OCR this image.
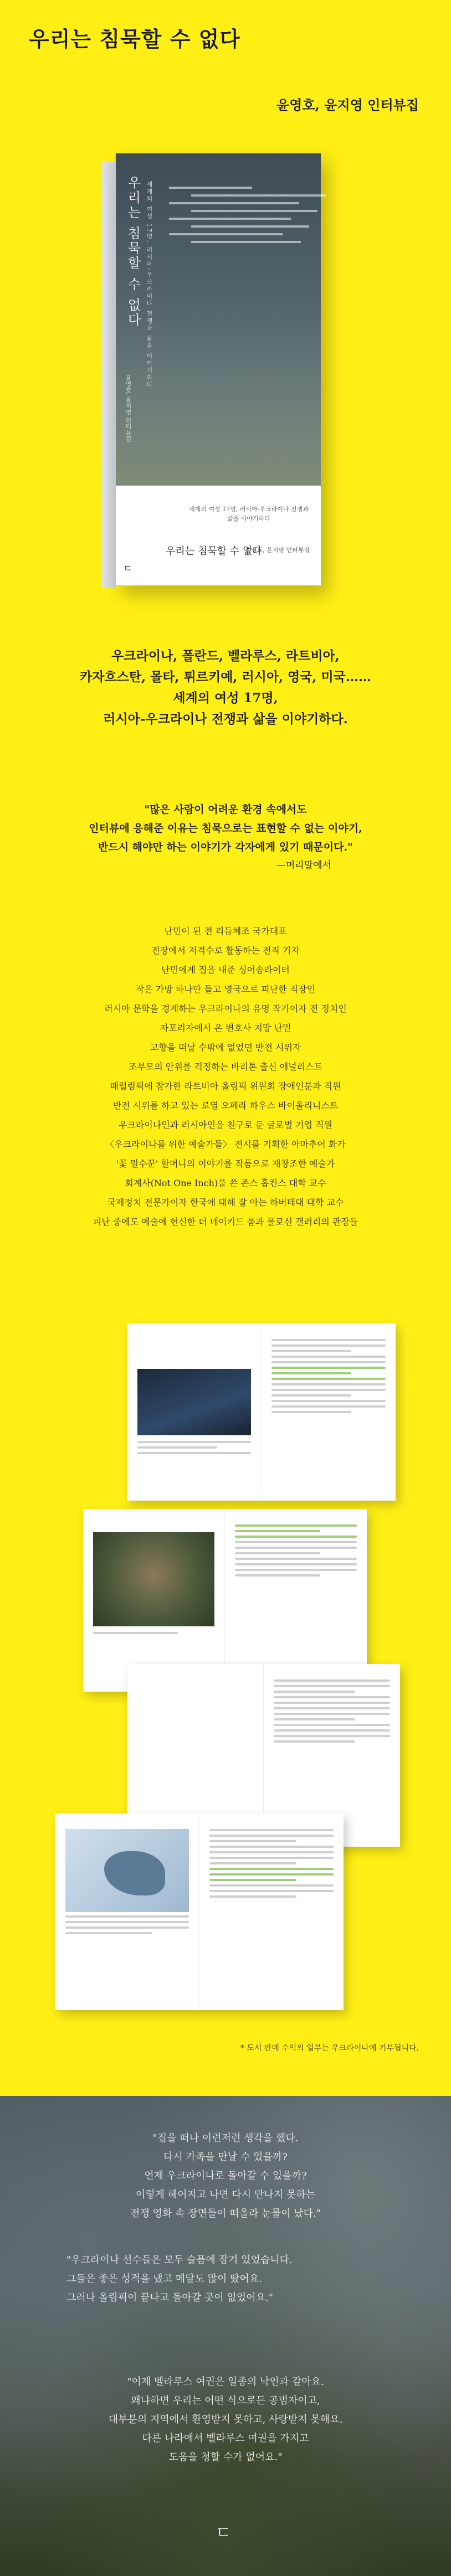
우리는 침묵할 수 없다
윤영호, 윤지영 인터뷰집
우리는 침묵할 수 없다 세계의 여성 17명, 러시아-우크라이나 전쟁과 삶을 이야기하다
윤영호, 윤지영 인터뷰집
세계의 여성 17명, 러시아-우크라이나 전쟁과 삶을 이야기하다
우리는 침묵할 수 없다
윤영호, 윤지영 인터뷰집
ㄷ
우크라이나, 폴란드, 벨라루스, 라트비아,
카자흐스탄, 몰타, 튀르키예, 러시아, 영국, 미국……
세계의 여성 17명,
러시아-우크라이나 전쟁과 삶을 이야기하다.
"많은 사람이 어려운 환경 속에서도
인터뷰에 응해준 이유는 침묵으로는 표현할 수 없는 이야기,
반드시 해야만 하는 이야기가 각자에게 있기 때문이다."
—머리말에서
난민이 된 전 리듬체조 국가대표
전장에서 저격수로 활동하는 전직 기자
난민에게 집을 내준 싱어송라이터
작은 가방 하나만 들고 영국으로 피난한 직장인
러시아 문학을 경계하는 우크라이나의 유명 작가이자 전 정치인
자포리자에서 온 변호사 지망 난민
고향을 떠날 수밖에 없었던 반전 시위자
조부모의 안위를 걱정하는 바리톤 출신 애널리스트
패럴림픽에 참가한 라트비아 올림픽 위원회 장애인분과 직원
반전 시위를 하고 있는 로열 오페라 하우스 바이올리니스트
우크라이나인과 러시아인을 친구로 둔 글로벌 기업 직원
〈우크라이나를 위한 예술가들〉 전시를 기획한 아마추어 화가
'꽃 밀수꾼' 할머니의 이야기를 작품으로 재창조한 예술가
회계사(Not One Inch)를 쓴 존스 홉킨스 대학 교수
국제정치 전문가이자 한국에 대해 잘 아는 하버테대 대학 교수
피난 중에도 예술에 헌신한 더 네이키드 룸과 폴로신 갤러리의 관장들
* 도서 판매 수익의 일부는 우크라이나에 기부됩니다.
"집을 떠나 이런저런 생각을 했다.
다시 가족을 만날 수 있을까?
언제 우크라이나로 돌아갈 수 있을까?
이렇게 헤어지고 나면 다시 만나지 못하는
전쟁 영화 속 장면들이 떠올라 눈물이 났다."
"우크라이나 선수들은 모두 슬픔에 잠겨 있었습니다.
그들은 좋은 성적을 냈고 메달도 많이 땄어요.
그러나 올림픽이 끝나고 돌아갈 곳이 없었어요."
"이제 벨라루스 여권은 일종의 낙인과 같아요.
왜냐하면 우리는 어떤 식으로든 공범자이고,
대부분의 지역에서 환영받지 못하고, 사랑받지 못해요.
다른 나라에서 벨라루스 여권을 가지고
도움을 청할 수가 없어요."
ㄷ
